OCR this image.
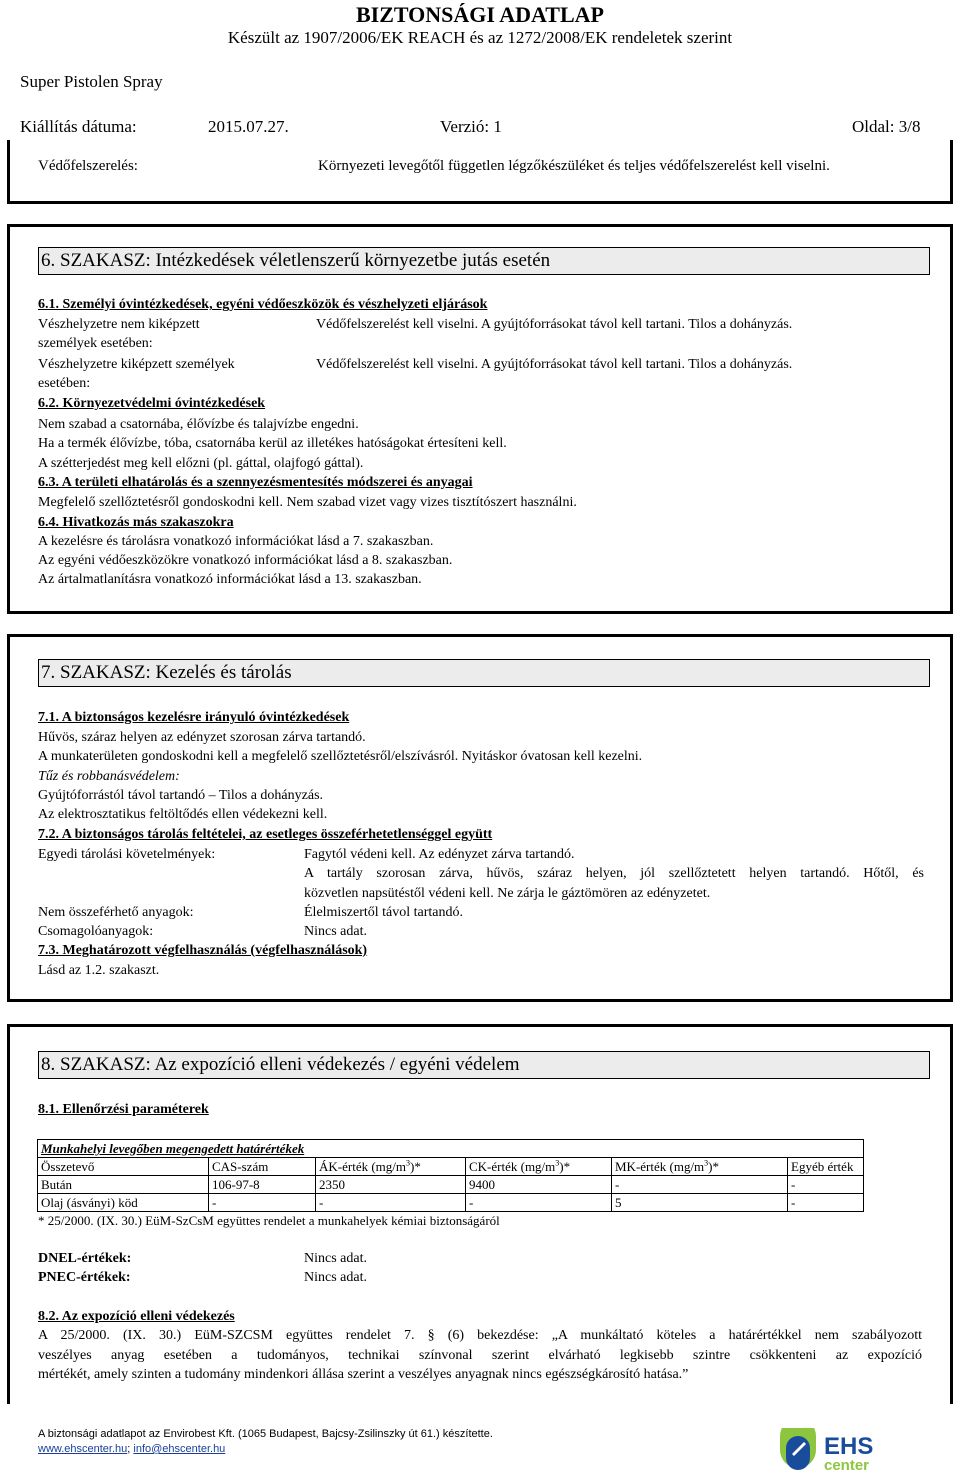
BIZTONSÁGI ADATLAP
Készült az 1907/2006/EK REACH és az 1272/2008/EK rendeletek szerint
Super Pistolen Spray
Kiállítás dátuma:	2015.07.27.	Verzió: 1	Oldal: 3/8
Védőfelszerelés:	Környezeti levegőtől független légzőkészüléket és teljes védőfelszerelést kell viselni.
6. SZAKASZ: Intézkedések véletlenszerű környezetbe jutás esetén
6.1. Személyi óvintézkedések, egyéni védőeszközök és vészhelyzeti eljárások
Vészhelyzetre nem kiképzett
személyek esetében:
Védőfelszerelést kell viselni. A gyújtóforrásokat távol kell tartani. Tilos a dohányzás.
Vészhelyzetre kiképzett személyek
esetében:
Védőfelszerelést kell viselni. A gyújtóforrásokat távol kell tartani. Tilos a dohányzás.
6.2. Környezetvédelmi óvintézkedések
Nem szabad a csatornába, élővízbe és talajvízbe engedni.
Ha a termék élővízbe, tóba, csatornába kerül az illetékes hatóságokat értesíteni kell.
A szétterjedést meg kell előzni (pl. gáttal, olajfogó gáttal).
6.3. A területi elhatárolás és a szennyezésmentesítés módszerei és anyagai
Megfelelő szellőztetésről gondoskodni kell. Nem szabad vizet vagy vizes tisztítószert használni.
6.4. Hivatkozás más szakaszokra
A kezelésre és tárolásra vonatkozó információkat lásd a 7. szakaszban.
Az egyéni védőeszközökre vonatkozó információkat lásd a 8. szakaszban.
Az ártalmatlanításra vonatkozó információkat lásd a 13. szakaszban.
7. SZAKASZ: Kezelés és tárolás
7.1. A biztonságos kezelésre irányuló óvintézkedések
Hűvös, száraz helyen az edényzet szorosan zárva tartandó.
A munkaterületen gondoskodni kell a megfelelő szellőztetésről/elszívásról. Nyitáskor óvatosan kell kezelni.
Tűz és robbanásvédelem:
Gyújtóforrástól távol tartandó – Tilos a dohányzás.
Az elektrosztatikus feltöltődés ellen védekezni kell.
7.2. A biztonságos tárolás feltételei, az esetleges összeférhetetlenséggel együtt
Egyedi tárolási követelmények:	Fagytól védeni kell. Az edényzet zárva tartandó.
A tartály szorosan zárva, hűvös, száraz helyen, jól szellőztetett helyen tartandó. Hőtől, és
közvetlen napsütéstől védeni kell. Ne zárja le gáztömören az edényzetet.
Nem összeférhető anyagok:	Élelmiszertől távol tartandó.
Csomagolóanyagok:	Nincs adat.
7.3. Meghatározott végfelhasználás (végfelhasználások)
Lásd az 1.2. szakaszt.
8. SZAKASZ: Az expozíció elleni védekezés / egyéni védelem
8.1. Ellenőrzési paraméterek
Munkahelyi levegőben megengedett határértékek					
Összetevő	CAS-szám	ÁK-érték $(mg/m^3)*$	CK-érték $(mg/m^3)*$	MK-érték $(mg/m^3)*$	Egyéb érték
Bután	106-97-8	2350	9400	-	-
Olaj (ásványi) köd	-	-	-	5	-
* 25/2000. (IX. 30.) EüM-SzCsM együttes rendelet a munkahelyek kémiai biztonságáról
DNEL-értékek:	Nincs adat.
PNEC-értékek:	Nincs adat.
8.2. Az expozíció elleni védekezés
A 25/2000. (IX. 30.) EüM-SZCSM együttes rendelet 7. § (6) bekezdése: „A munkáltató köteles a határértékkel nem szabályozott
veszélyes anyag esetében a tudományos, technikai színvonal szerint elvárható legkisebb szintre csökkenteni az expozíció
mértékét, amely szinten a tudomány mindenkori állása szerint a veszélyes anyagnak nincs egészségkárosító hatása.”
A biztonsági adatlapot az Envirobest Kft. (1065 Budapest, Bajcsy-Zsilinszky út 61.) készítette.
www.ehscenter.hu; info@ehscenter.hu	EHS
center
